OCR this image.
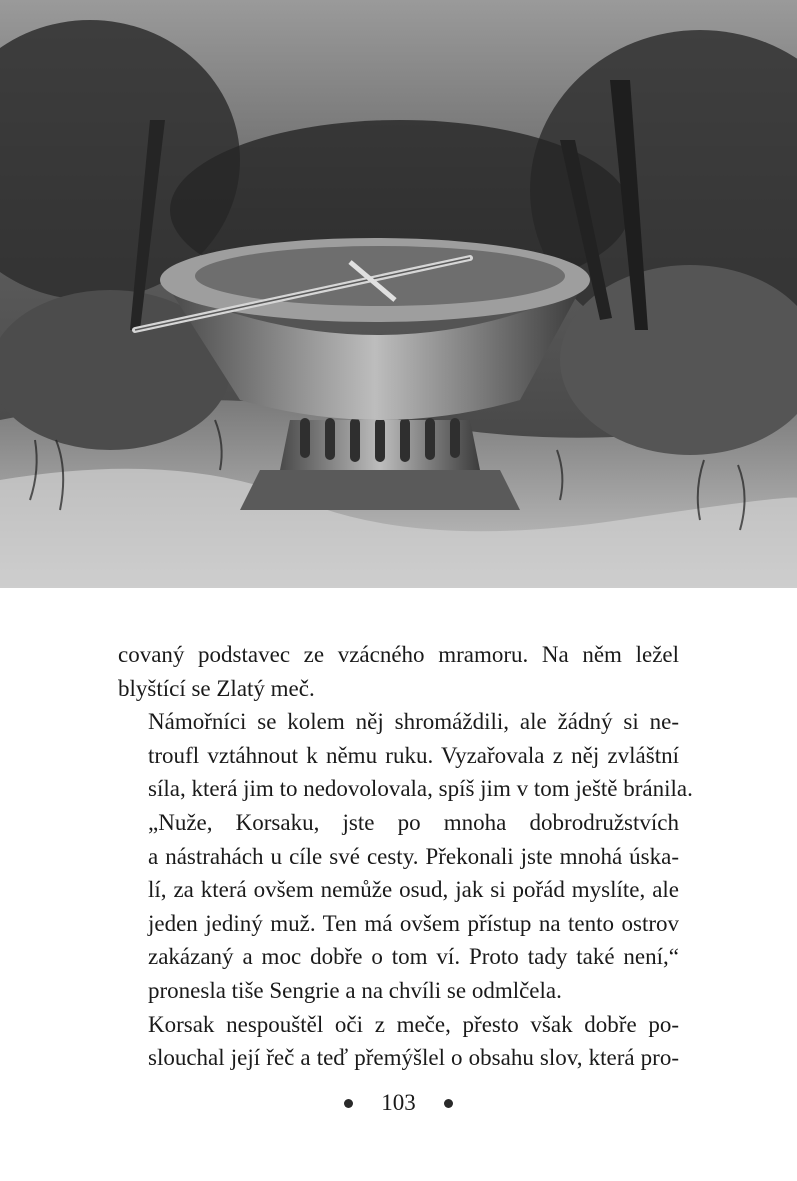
covaný podstavec ze vzácného mramoru. Na něm ležel
blyštící se Zlatý meč.

Námořníci se kolem něj shromáždili, ale žádný si ne-
troufl vztáhnout k němu ruku. Vyzařovala z něj zvláštní
síla, která jim to nedovolovala, spíš jim v tom ještě bránila.

„Nuže, Korsaku, jste po mnoha dobrodružstvích
a nástrahách u cíle své cesty. Překonali jste mnohá úska-
lí, za která ovšem nemůže osud, jak si pořád myslíte, ale
jeden jediný muž. Ten má ovšem přístup na tento ostrov
zakázaný a moc dobře o tom ví. Proto tady také není,“
pronesla tiše Sengrie a na chvíli se odmlčela.

Korsak nespouštěl oči z meče, přesto však dobře po-
slouchal její řeč a teď přemýšlel o obsahu slov, která pro-

103
